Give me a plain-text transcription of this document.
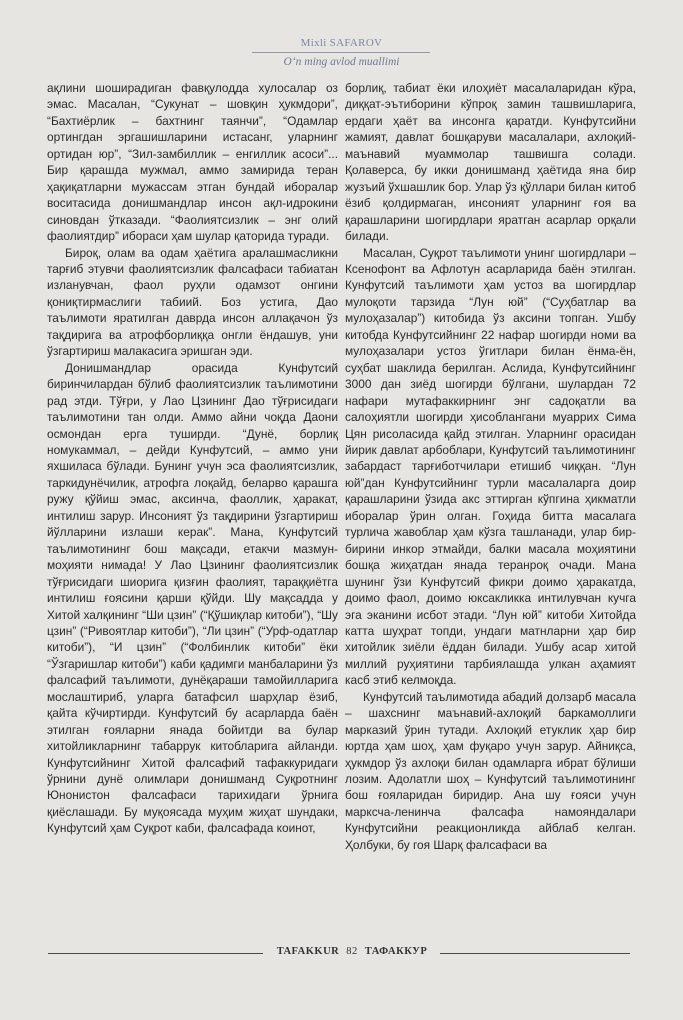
Mixli SAFAROV
O‘n ming avlod muallimi

ақлини шоширадиган фавқулодда хулосалар оз эмас. Масалан, “Сукунат – шовқин ҳукмдори”, “Бахтиёрлик – бахтнинг таянчи”, “Одамлар ортингдан эргашишларини истасанг, уларнинг ортидан юр”, “Зил-замбиллик – енгиллик асоси”... Бир қарашда мужмал, аммо замирида теран ҳақиқатларни мужассам этган бундай иборалар воситасида донишмандлар инсон ақл-идрокини синовдан ўтказади. “Фаолиятсизлик – энг олий фаолиятдир” ибораси ҳам шулар қаторида туради.

Бироқ, олам ва одам ҳаётига аралашмасликни тарғиб этувчи фаолиятсизлик фалсафаси табиатан изланувчан, фаол руҳли одамзот онгини қониқтирмаслиги табиий. Боз устига, Дао таълимоти яратилган даврда инсон аллақачон ўз тақдирига ва атрофборлиққа онгли ёндашув, уни ўзгартириш малакасига эришган эди.

Донишмандлар орасида Кунфутсий биринчилардан бўлиб фаолиятсизлик таълимотини рад этди. Тўғри, у Лао Цзининг Дао тўғрисидаги таълимотини тан олди. Аммо айни чоқда Даони осмондан ерга туширди. “Дунё, борлиқ номукаммал, – дейди Кунфутсий, – аммо уни яхшилаca бўлади. Бунинг учун эса фаолиятсизлик, таркидунёчилик, атрофга лоқайд, беларво қарашга ружу қўйиш эмас, аксинча, фаоллик, ҳаракат, интилиш зарур. Инсоният ўз тақдирини ўзгартириш йўлларини излаши керак”. Мана, Кунфутсий таълимотининг бош мақсади, етакчи мазмун-моҳияти нимада! У Лао Цзининг фаолиятсизлик тўғрисидаги шиорига қизғин фаолият, тараққиётга интилиш ғоясини қарши қўйди. Шу мақсадда у Хитой халқининг “Ши цзин” (“Қўшиқлар китоби”), “Шу цзин” (“Ривоятлар китоби”), “Ли цзин” (“Урф-одатлар китоби”), “И цзин” (“Фолбинлик китоби” ёки “Ўзгаришлар китоби”) каби қадимги манбаларини ўз фалсафий таълимоти, дунёқараши тамойилларига мослаштириб, уларга батафсил шарҳлар ёзиб, қайта кўчиртирди. Кунфутсий бу асарларда баён этилган ғояларни янада бойитди ва булар хитойликларнинг табаррук китобларига айланди. Кунфутсийнинг Хитой фалсафий тафаккуридаги ўрнини дунё олимлари донишманд Суқротнинг Юнонистон фалсафаси тарихидаги ўрнига қиёслашади. Бу муқояcада муҳим жиҳат шундаки, Кунфутсий ҳам Суқрот каби, фалсафада коинот,

борлиқ, табиат ёки илоҳиёт масалаларидан кўра, диққат-эътиборини кўпроқ замин ташвишларига, ердаги ҳаёт ва инсонга қаратди. Кунфутсийни жамият, давлат бошқаруви масалалари, ахлоқий-маънавий муаммолар ташвишга солади. Қолаверса, бу икки донишманд ҳаётида яна бир жузъий ўхшашлик бор. Улар ўз қўллари билан китоб ёзиб қолдирмаган, инсоният уларнинг ғоя ва қарашларини шогирдлари яратган асарлар орқали билади.

Масалан, Суқрот таълимоти унинг шогирдлари – Ксенофонт ва Афлотун асарларида баён этилган. Кунфутсий таълимоти ҳам устоз ва шогирдлар мулоқоти тарзида “Лун юй” (“Суҳбатлар ва мулоҳазалар”) китобида ўз аксини топган. Ушбу китобда Кунфутсийнинг 22 нафар шогирди номи ва мулоҳазалари устоз ўгитлари билан ёнма-ён, суҳбат шаклида берилган. Аслида, Кунфутсийнинг 3000 дан зиёд шогирди бўлгани, шулардан 72 нафари мутафаккирнинг энг садоқатли ва салоҳиятли шогирди ҳисоблангани муаррих Сима Цян рисоласида қайд этилган. Уларнинг орасидан йирик давлат арбоблари, Кунфутсий таълимотининг забардаст тарғиботчилари етишиб чиққан. “Лун юй”дан Кунфутсийнинг турли масалаларга доир қарашларини ўзида акс эттирган кўпгина ҳикматли иборалар ўрин олган. Гоҳида битта масалага турлича жавоблар ҳам кўзга ташланади, улар бир-бирини инкор этмайди, балки масала моҳиятини бошқа жиҳатдан янада теранроқ очади. Мана шунинг ўзи Кунфутсий фикри доимо ҳаракатда, доимо фаол, доимо юксакликка интилувчан кучга эга эканини исбот этади. “Лун юй” китоби Хитойда катта шуҳрат топди, ундаги матнларни ҳар бир хитойлик зиёли ёддан билади. Ушбу асар хитой миллий руҳиятини тарбиялашда улкан аҳамият касб этиб келмоқда.

Кунфутсий таълимотида абадий долзарб масала – шахснинг маънавий-ахлоқий баркамоллиги марказий ўрин тутади. Ахлоқий етуклик ҳар бир юртда ҳам шоҳ, ҳам фуқаро учун зарур. Айниқса, ҳукмдор ўз ахлоқи билан одамларга ибрат бўлиши лозим. Адолатли шоҳ – Кунфутсий таълимотининг бош ғояларидан биридир. Ана шу ғояси учун марксча-ленинча фалсафа намояндалари Кунфутсийни реакционликда айблаб келган. Ҳолбуки, бу гоя Шарқ фалсафаси ва

TAFAKKUR 82 ТАФАККУР
